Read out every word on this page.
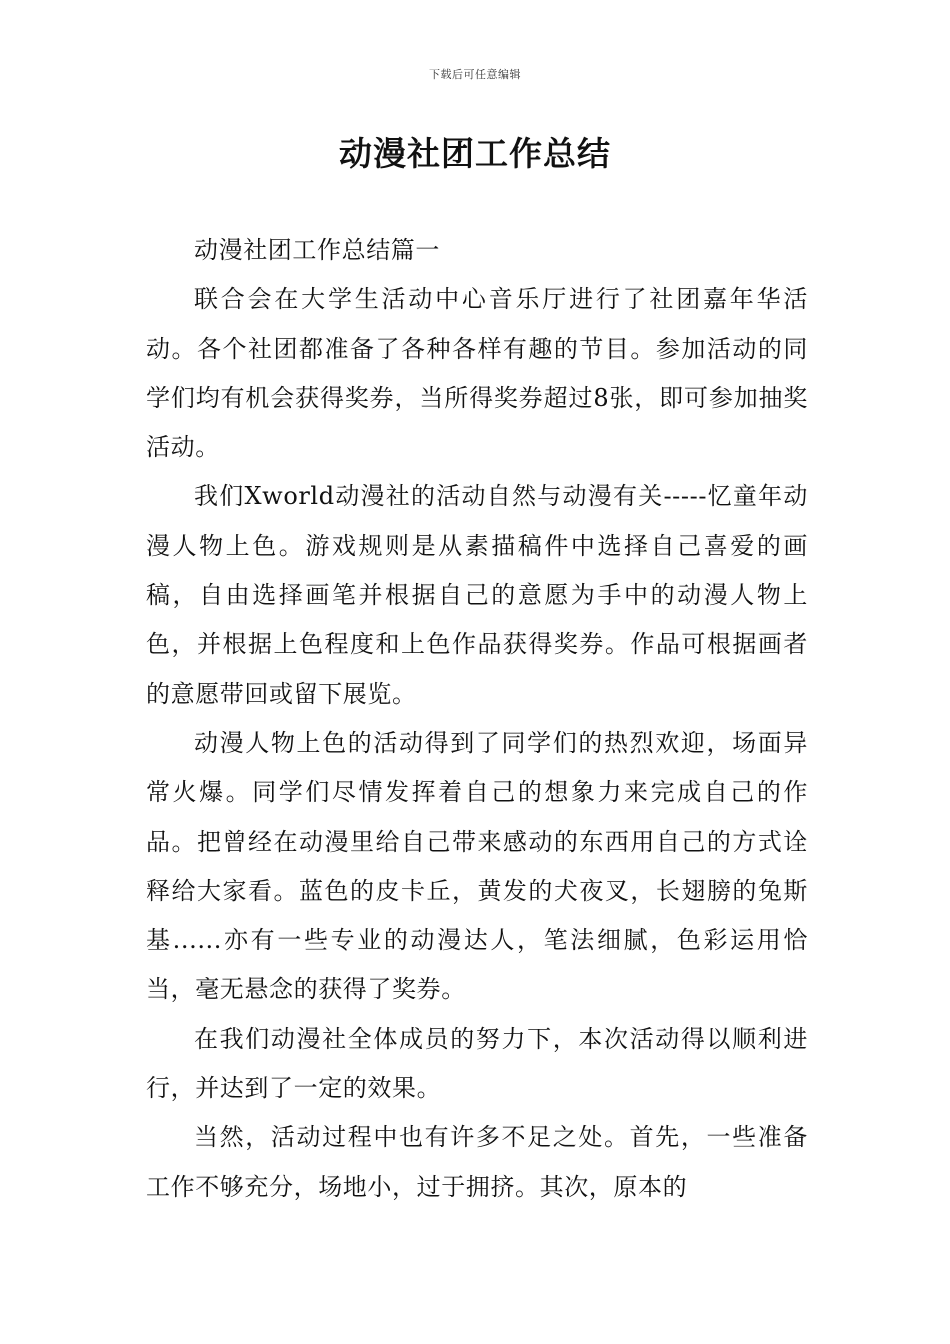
下载后可任意编辑
动漫社团工作总结

动漫社团工作总结篇一

联合会在大学生活动中心音乐厅进行了社团嘉年华活动。各个社团都准备了各种各样有趣的节目。参加活动的同学们均有机会获得奖券，当所得奖券超过8张，即可参加抽奖活动。

我们Xworld动漫社的活动自然与动漫有关-----忆童年动漫人物上色。游戏规则是从素描稿件中选择自己喜爱的画稿，自由选择画笔并根据自己的意愿为手中的动漫人物上色，并根据上色程度和上色作品获得奖券。作品可根据画者的意愿带回或留下展览。

动漫人物上色的活动得到了同学们的热烈欢迎，场面异常火爆。同学们尽情发挥着自己的想象力来完成自己的作品。把曾经在动漫里给自己带来感动的东西用自己的方式诠释给大家看。蓝色的皮卡丘，黄发的犬夜叉，长翅膀的兔斯基......亦有一些专业的动漫达人，笔法细腻，色彩运用恰当，毫无悬念的获得了奖券。

在我们动漫社全体成员的努力下，本次活动得以顺利进行，并达到了一定的效果。

当然，活动过程中也有许多不足之处。首先，一些准备工作不够充分，场地小，过于拥挤。其次，原本的
